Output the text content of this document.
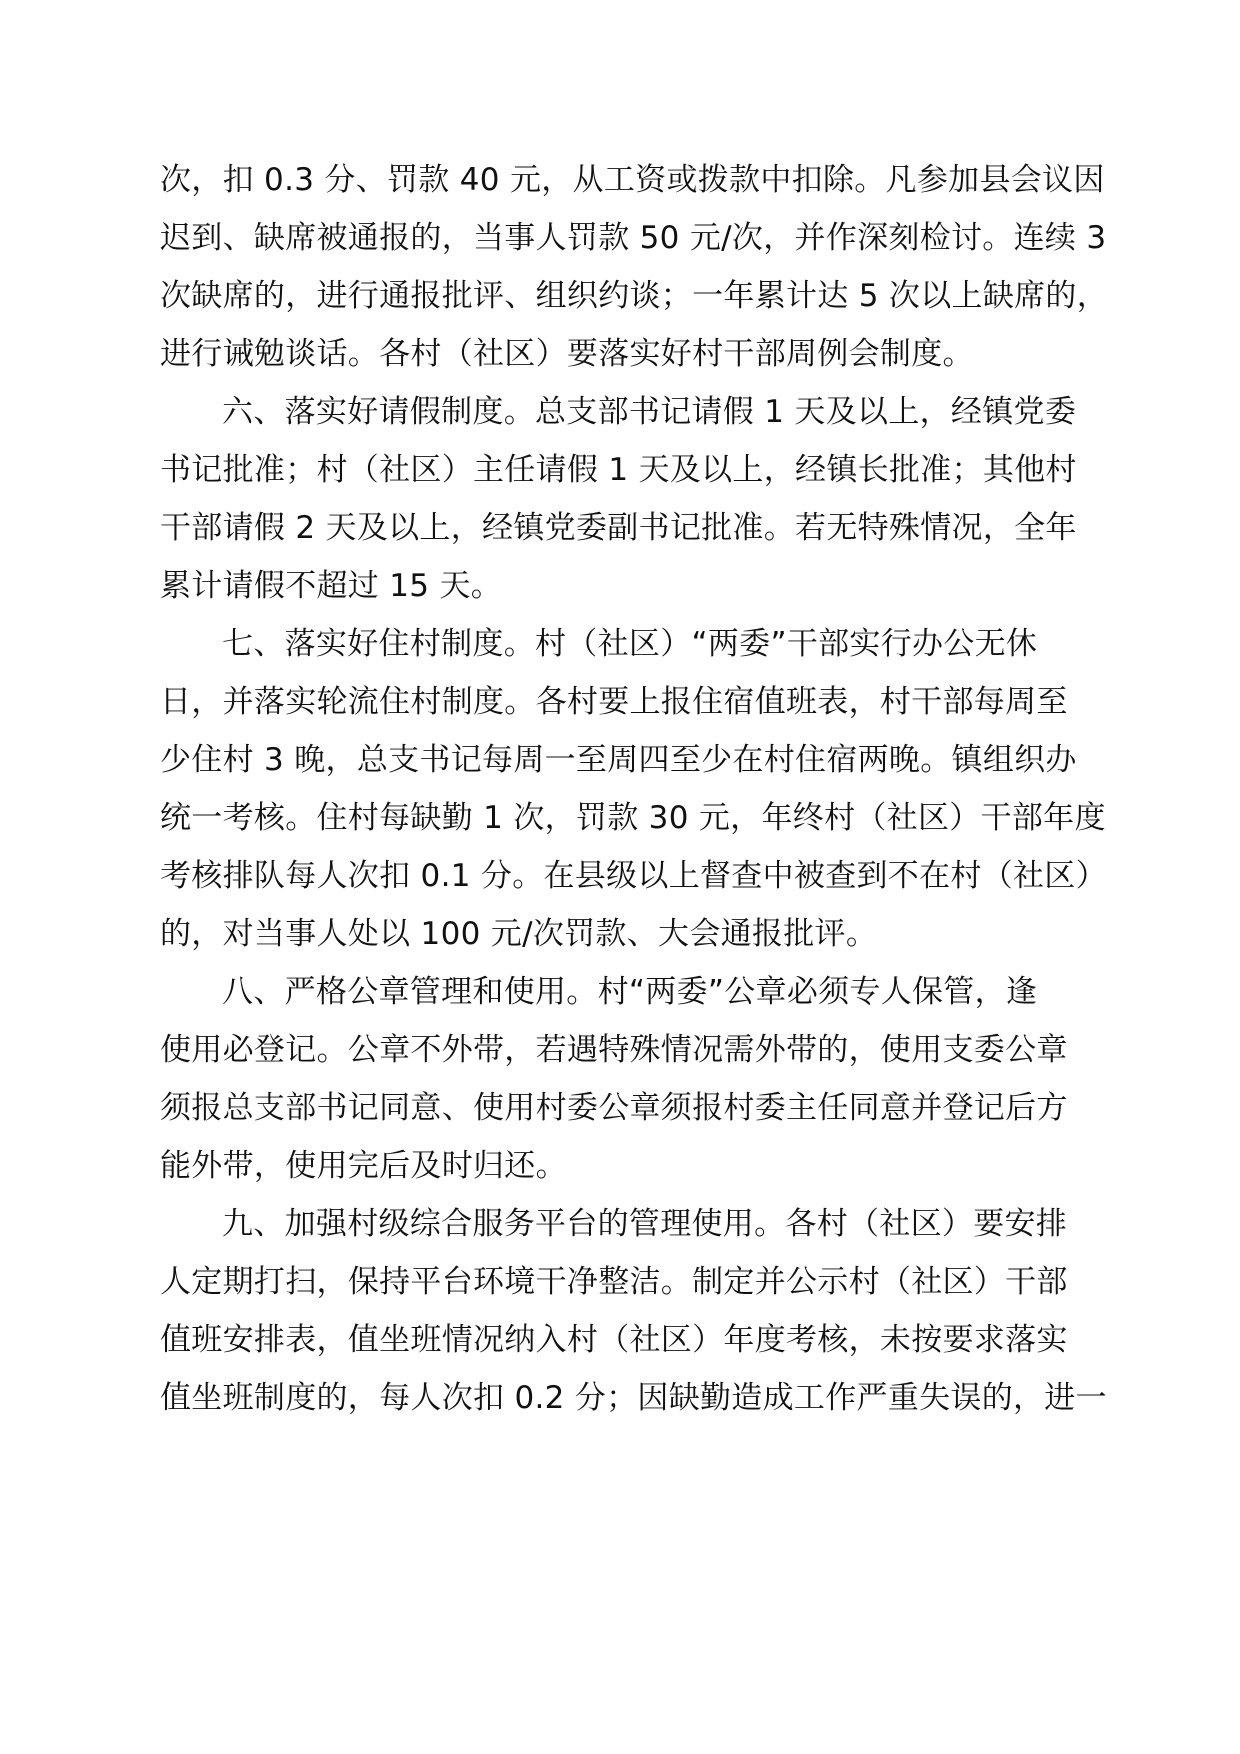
次，扣 0.3 分、罚款 40 元，从工资或拨款中扣除。凡参加县会议因

迟到、缺席被通报的，当事人罚款 50 元/次，并作深刻检讨。连续 3

次缺席的，进行通报批评、组织约谈；一年累计达 5 次以上缺席的，

进行诫勉谈话。各村（社区）要落实好村干部周例会制度。

六、落实好请假制度。总支部书记请假 1 天及以上，经镇党委

书记批准；村（社区）主任请假 1 天及以上，经镇长批准；其他村

干部请假 2 天及以上，经镇党委副书记批准。若无特殊情况，全年

累计请假不超过 15 天。

七、落实好住村制度。村（社区）“两委”干部实行办公无休

日，并落实轮流住村制度。各村要上报住宿值班表，村干部每周至

少住村 3 晚，总支书记每周一至周四至少在村住宿两晚。镇组织办

统一考核。住村每缺勤 1 次，罚款 30 元，年终村（社区）干部年度

考核排队每人次扣 0.1 分。在县级以上督查中被查到不在村（社区）

的，对当事人处以 100 元/次罚款、大会通报批评。

八、严格公章管理和使用。村“两委”公章必须专人保管，逢

使用必登记。公章不外带，若遇特殊情况需外带的，使用支委公章

须报总支部书记同意、使用村委公章须报村委主任同意并登记后方

能外带，使用完后及时归还。

九、加强村级综合服务平台的管理使用。各村（社区）要安排

人定期打扫，保持平台环境干净整洁。制定并公示村（社区）干部

值班安排表，值坐班情况纳入村（社区）年度考核，未按要求落实

值坐班制度的，每人次扣 0.2 分；因缺勤造成工作严重失误的，进一
